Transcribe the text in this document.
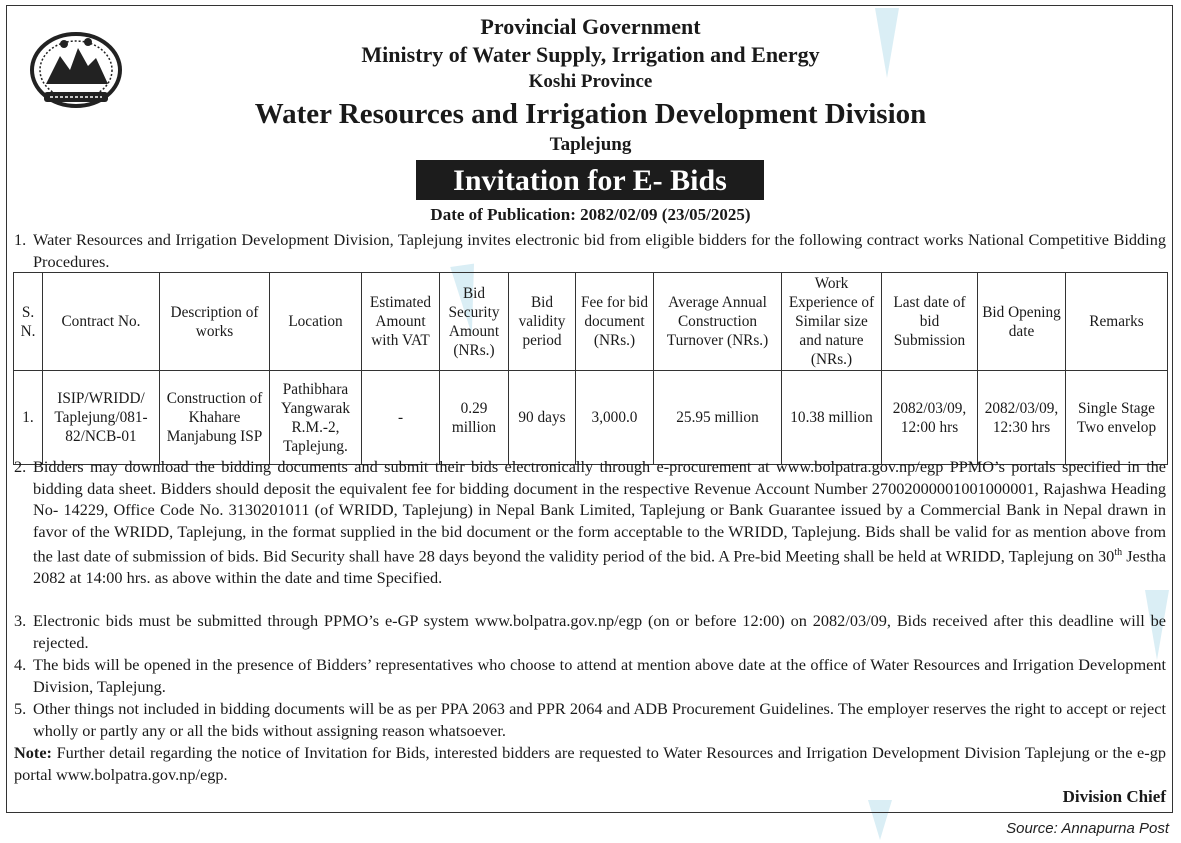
Provincial Government
Ministry of Water Supply, Irrigation and Energy
Koshi Province
Water Resources and Irrigation Development Division
Taplejung
Invitation for E- Bids
Date of Publication: 2082/02/09 (23/05/2025)
1. Water Resources and Irrigation Development Division, Taplejung invites electronic bid from eligible bidders for the following contract works National Competitive Bidding Procedures.
S. N.	Contract No.	Description of works	Location	Estimated Amount with VAT	Bid Security Amount (NRs.)	Bid validity period	Fee for bid document (NRs.)	Average Annual Construction Turnover (NRs.)	Work Experience of Similar size and nature (NRs.)	Last date of bid Submission	Bid Opening date	Remarks
1.	ISIP/WRIDD/ Taplejung/081-82/NCB-01	Construction of Khahare Manjabung ISP	Pathibhara Yangwarak R.M.-2, Taplejung.	-	0.29 million	90 days	3,000.0	25.95 million	10.38 million	2082/03/09, 12:00 hrs	2082/03/09, 12:30 hrs	Single Stage Two envelop
2. Bidders may download the bidding documents and submit their bids electronically through e-procurement at www.bolpatra.gov.np/egp PPMO’s portals specified in the bidding data sheet. Bidders should deposit the equivalent fee for bidding document in the respective Revenue Account Number 27002000001001000001, Rajashwa Heading No- 14229, Office Code No. 3130201011 (of WRIDD, Taplejung) in Nepal Bank Limited, Taplejung or Bank Guarantee issued by a Commercial Bank in Nepal drawn in favor of the WRIDD, Taplejung, in the format supplied in the bid document or the form acceptable to the WRIDD, Taplejung. Bids shall be valid for as mention above from the last date of submission of bids. Bid Security shall have 28 days beyond the validity period of the bid. A Pre-bid Meeting shall be held at WRIDD, Taplejung on 30th Jestha 2082 at 14:00 hrs. as above within the date and time Specified.
3. Electronic bids must be submitted through PPMO’s e-GP system www.bolpatra.gov.np/egp (on or before 12:00) on 2082/03/09, Bids received after this deadline will be rejected.
4. The bids will be opened in the presence of Bidders’ representatives who choose to attend at mention above date at the office of Water Resources and Irrigation Development Division, Taplejung.
5. Other things not included in bidding documents will be as per PPA 2063 and PPR 2064 and ADB Procurement Guidelines. The employer reserves the right to accept or reject wholly or partly any or all the bids without assigning reason whatsoever.
Note: Further detail regarding the notice of Invitation for Bids, interested bidders are requested to Water Resources and Irrigation Development Division Taplejung or the e-gp portal www.bolpatra.gov.np/egp.
Division Chief
Source: Annapurna Post
